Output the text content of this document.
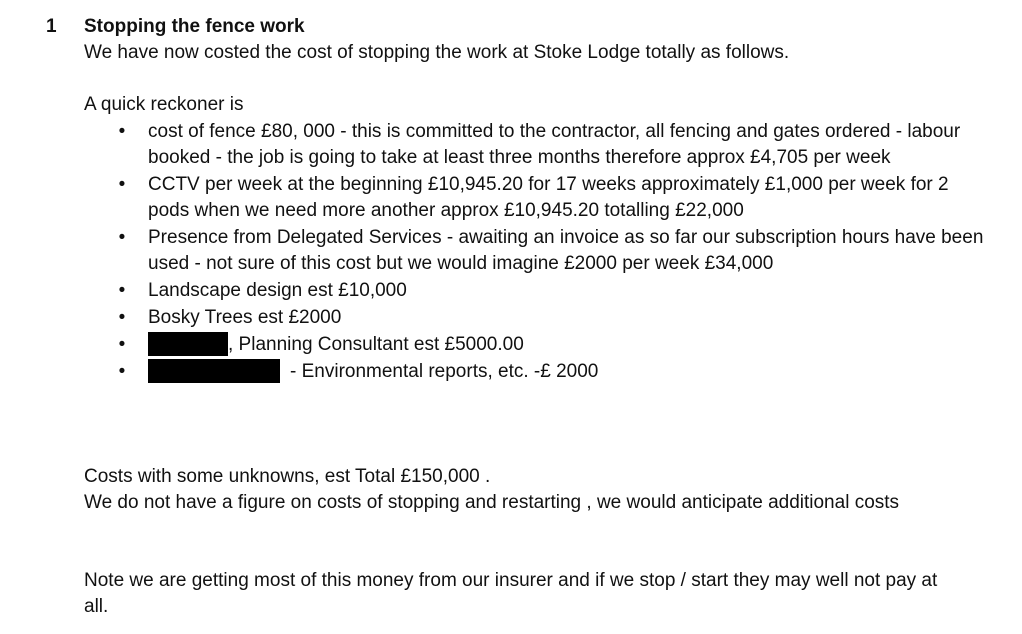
1 Stopping the fence work

We have now costed the cost of stopping the work at Stoke Lodge totally as follows.

A quick reckoner is

• cost of fence £80, 000 - this is committed to the contractor, all fencing and gates ordered - labour booked - the job is going to take at least three months therefore approx £4,705 per week
• CCTV per week at the beginning £10,945.20 for 17 weeks approximately £1,000 per week for 2 pods when we need more another approx £10,945.20 totalling £22,000
• Presence from Delegated Services - awaiting an invoice as so far our subscription hours have been used - not sure of this cost but we would imagine £2000 per week £34,000
• Landscape design est £10,000
• Bosky Trees est £2000
•	, Planning Consultant est £5000.00
•	- Environmental reports, etc. -£ 2000

Costs with some unknowns, est Total £150,000 .

We do not have a figure on costs of stopping and restarting , we would anticipate additional costs

Note we are getting most of this money from our insurer and if we stop / start they may well not pay at all.
